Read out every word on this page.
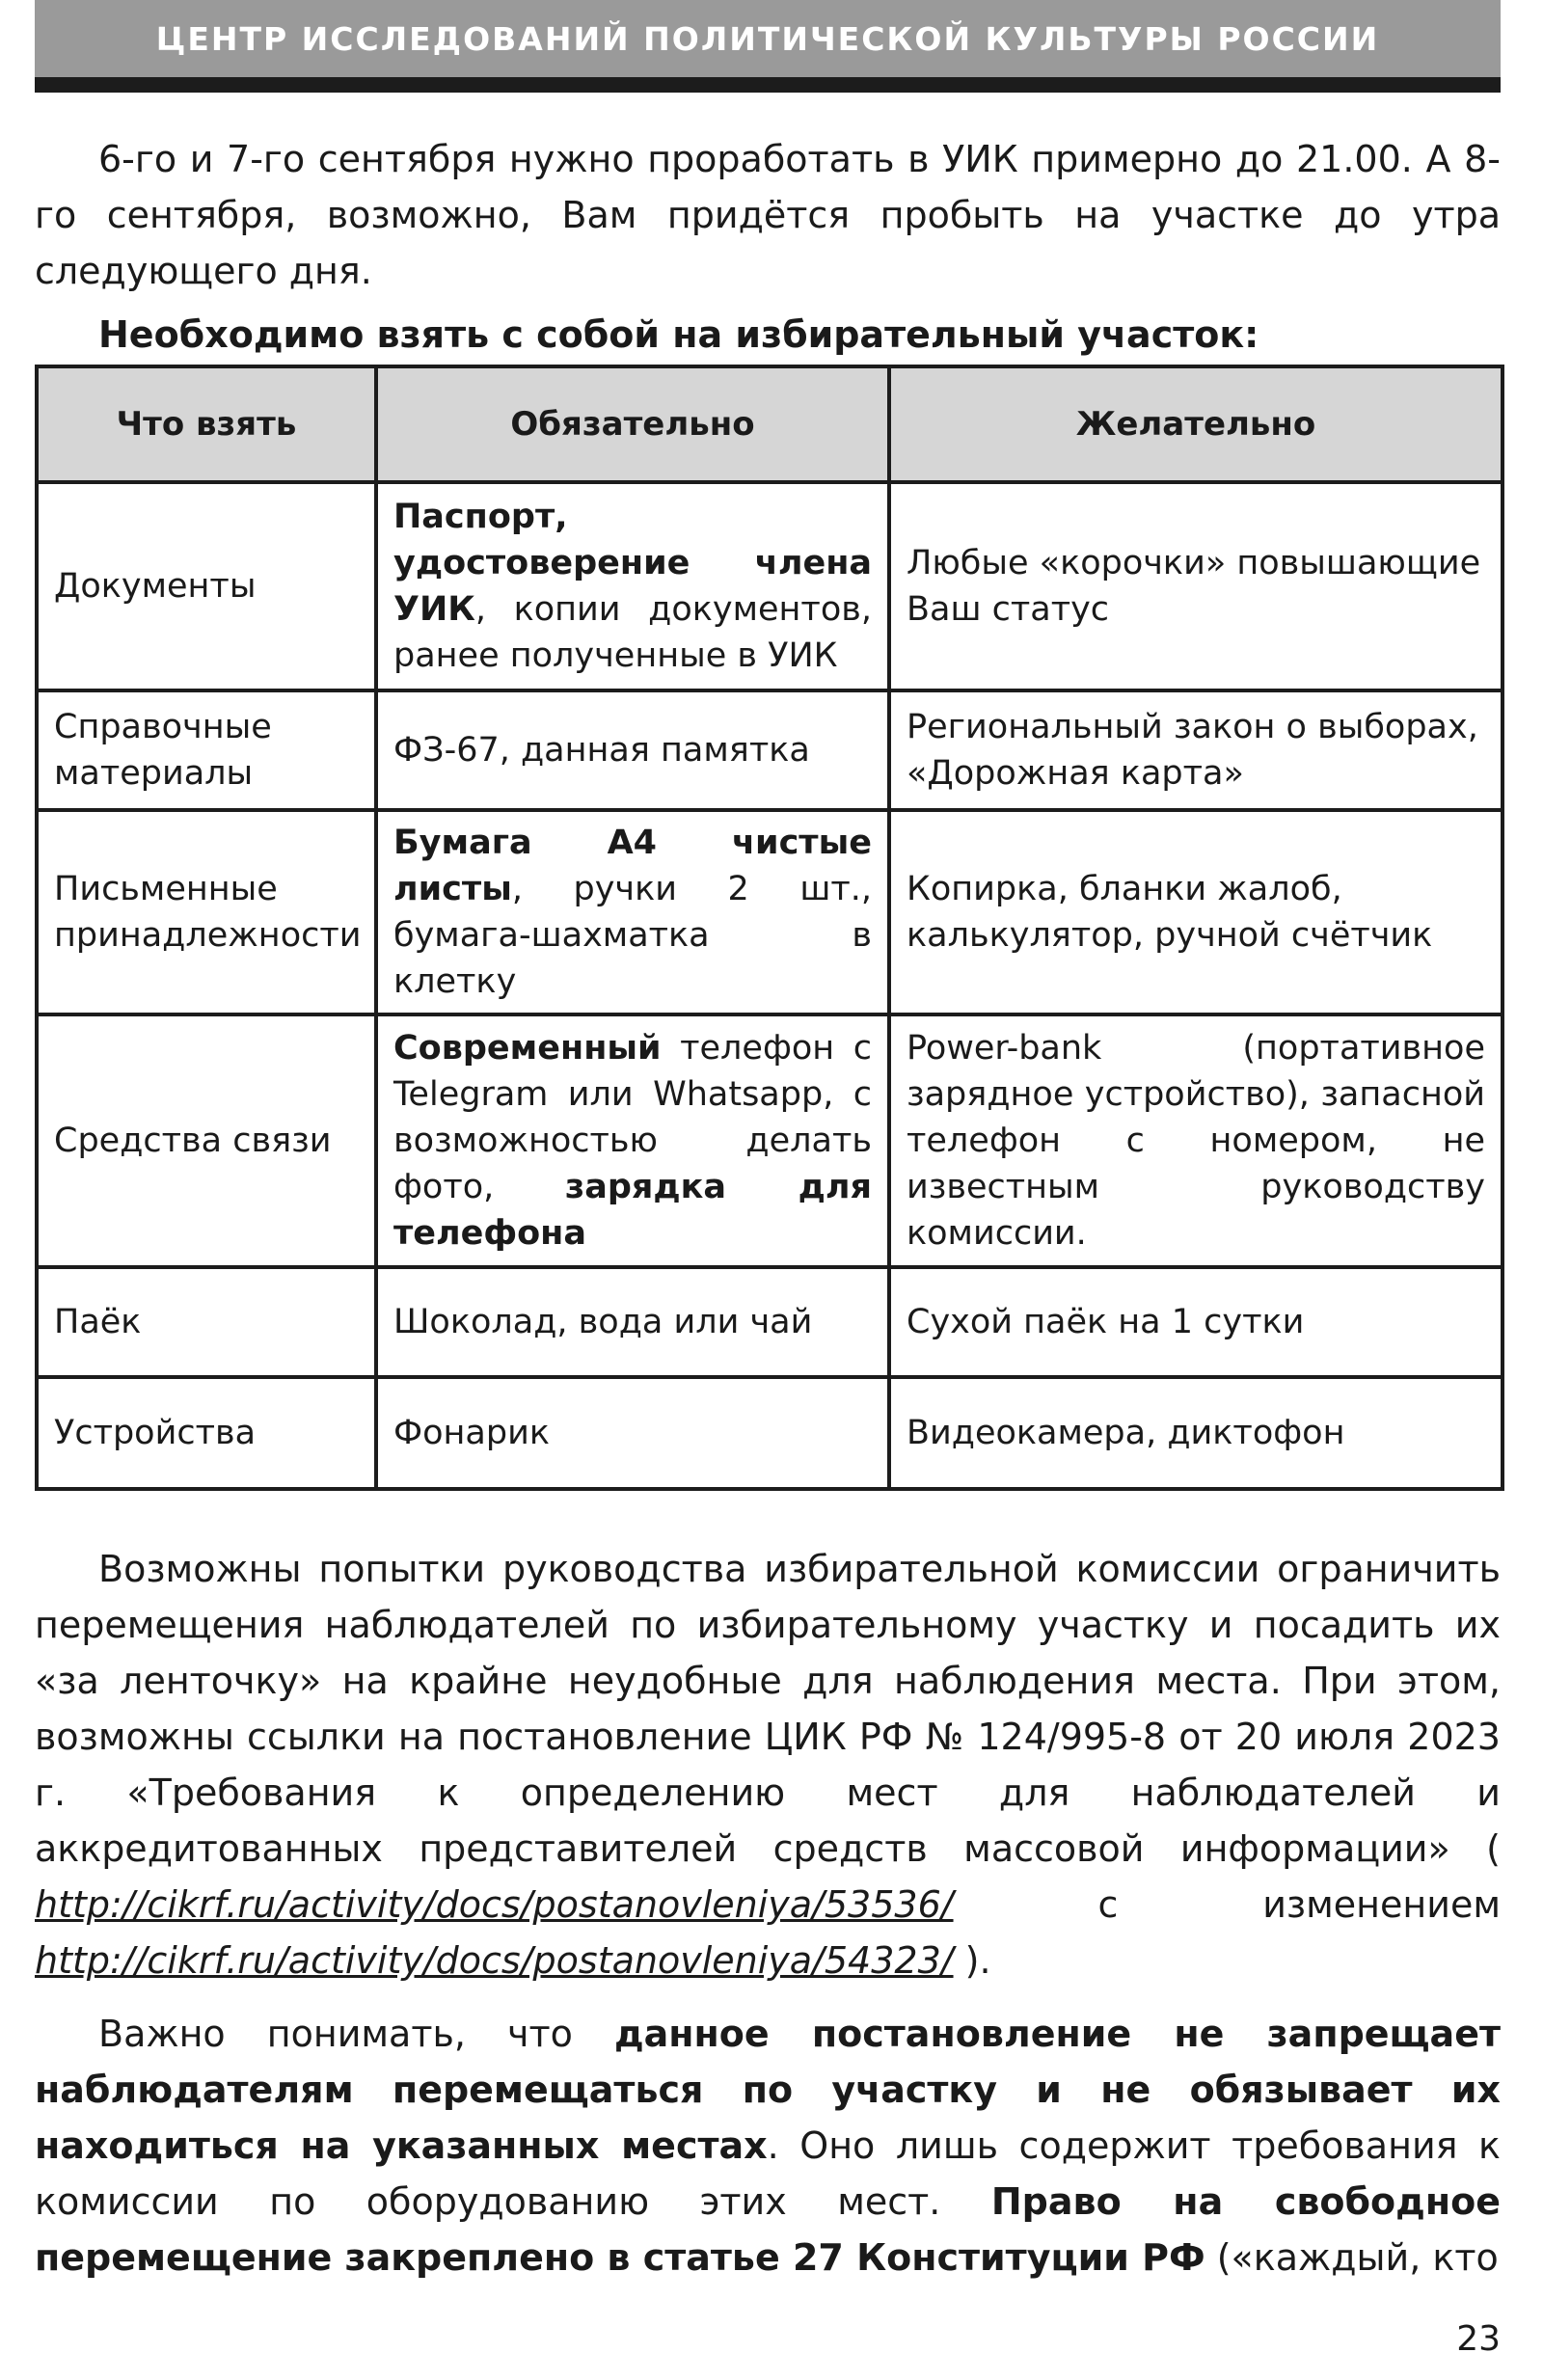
ЦЕНТР ИССЛЕДОВАНИЙ ПОЛИТИЧЕСКОЙ КУЛЬТУРЫ РОССИИ

6-го и 7-го сентября нужно проработать в УИК примерно до 21.00. А 8-го сентября, возможно, Вам придётся пробыть на участке до утра следующего дня.

Необходимо взять с собой на избирательный участок:

Что взять	Обязательно	Желательно
Документы	Паспорт, удостоверение члена УИК, копии документов, ранее полученные в УИК	Любые «корочки» повышающие Ваш статус
Справочные материалы	ФЗ-67, данная памятка	Региональный закон о выборах, «Дорожная карта»
Письменные принадлежности	Бумага А4 чистые листы, ручки 2 шт., бумага-шахматка в клетку	Копирка, бланки жалоб, калькулятор, ручной счётчик
Средства связи	Современный телефон с Telegram или Whatsapp, с возможностью делать фото, зарядка для телефона	Power-bank (портативное зарядное устройство), запасной телефон с номером, не известным руководству комиссии.
Паёк	Шоколад, вода или чай	Сухой паёк на 1 сутки
Устройства	Фонарик	Видеокамера, диктофон

Возможны попытки руководства избирательной комиссии ограничить перемещения наблюдателей по избирательному участку и посадить их «за ленточку» на крайне неудобные для наблюдения места. При этом, возможны ссылки на постановление ЦИК РФ № 124/995-8 от 20 июля 2023 г. «Требования к определению мест для наблюдателей и аккредитованных представителей средств массовой информации» ( http://cikrf.ru/activity/docs/postanovleniya/53536/ с изменением http://cikrf.ru/activity/docs/postanovleniya/54323/ ).

Важно понимать, что данное постановление не запрещает наблюдателям перемещаться по участку и не обязывает их находиться на указанных местах. Оно лишь содержит требования к комиссии по оборудованию этих мест. Право на свободное перемещение закреплено в статье 27 Конституции РФ («каждый, кто

23
